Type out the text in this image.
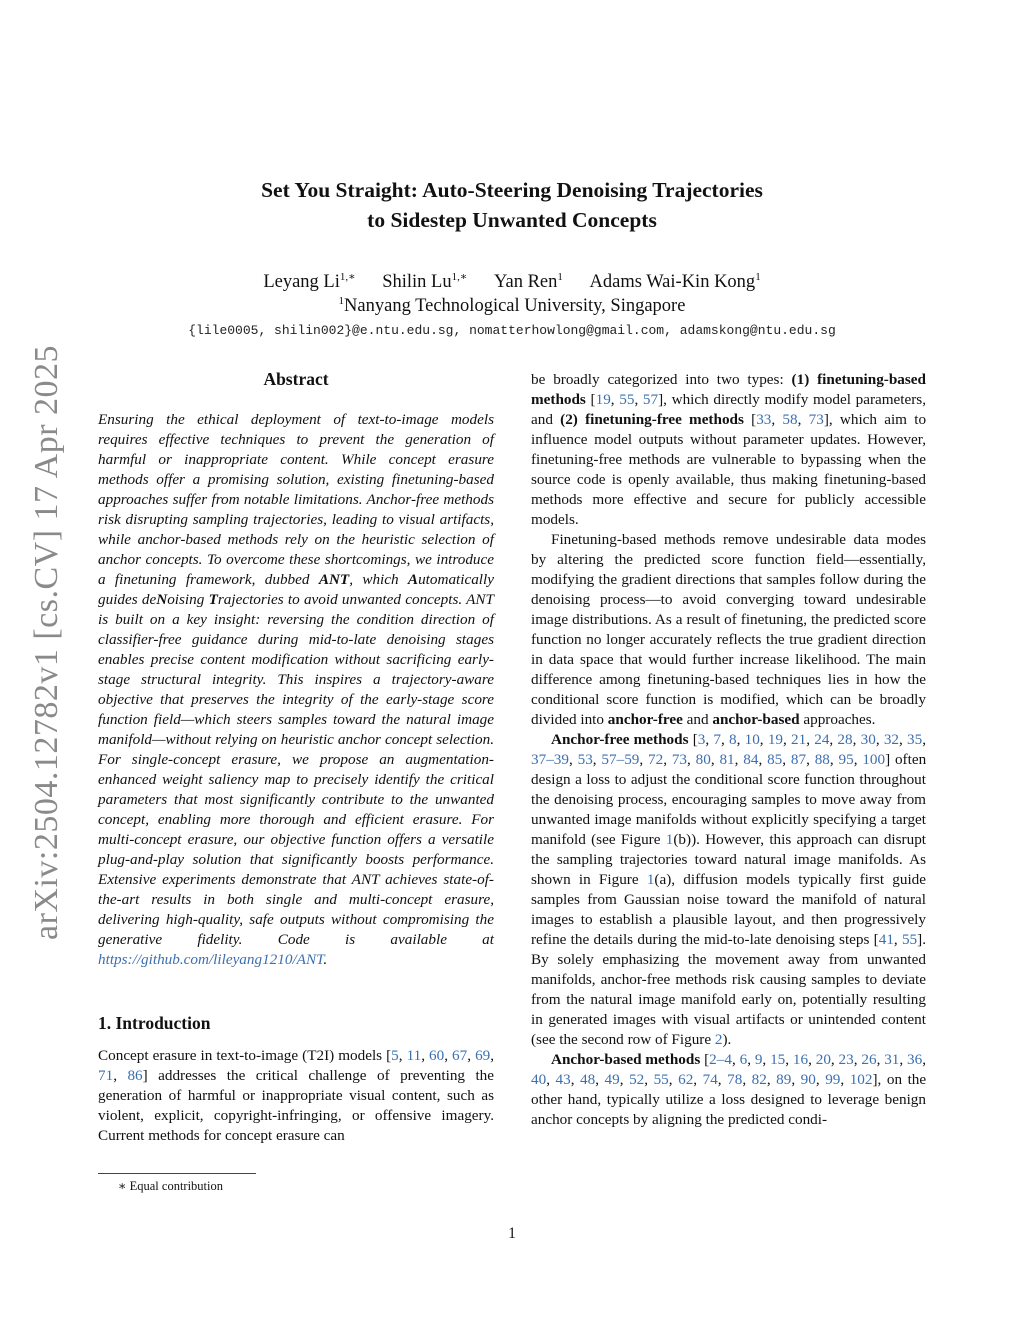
arXiv:2504.12782v1 [cs.CV] 17 Apr 2025
Set You Straight: Auto-Steering Denoising Trajectories
to Sidestep Unwanted Concepts
Leyang $Li^{1,∗}$ Shilin $Lu^{1,∗}$ Yan Ren$^1$ Adams Wai-Kin Kong$^1$
$^1$Nanyang Technological University, Singapore
{lile0005, shilin002}@e.ntu.edu.sg, nomatterhowlong@gmail.com, adamskong@ntu.edu.sg
Abstract

Ensuring the ethical deployment of text-to-image models requires effective techniques to prevent the generation of harmful or inappropriate content. While concept erasure methods offer a promising solution, existing finetuning-based approaches suffer from notable limitations. Anchor-free methods risk disrupting sampling trajectories, leading to visual artifacts, while anchor-based methods rely on the heuristic selection of anchor concepts. To overcome these shortcomings, we introduce a finetuning framework, dubbed ANT, which Automatically guides deNoising Trajectories to avoid unwanted concepts. ANT is built on a key insight: reversing the condition direction of classifier-free guidance during mid-to-late denoising stages enables precise content modification without sacrificing early-stage structural integrity. This inspires a trajectory-aware objective that preserves the integrity of the early-stage score function field—which steers samples toward the natural image manifold—without relying on heuristic anchor concept selection. For single-concept erasure, we propose an augmentation-enhanced weight saliency map to precisely identify the critical parameters that most significantly contribute to the unwanted concept, enabling more thorough and efficient erasure. For multi-concept erasure, our objective function offers a versatile plug-and-play solution that significantly boosts performance. Extensive experiments demonstrate that ANT achieves state-of-the-art results in both single and multi-concept erasure, delivering high-quality, safe outputs without compromising the generative fidelity. Code is available at https://github.com/lileyang1210/ANT.

1. Introduction

Concept erasure in text-to-image (T2I) models [5, 11, 60, 67, 69, 71, 86] addresses the critical challenge of preventing the generation of harmful or inappropriate visual content, such as violent, explicit, copyright-infringing, or offensive imagery. Current methods for concept erasure can

∗ Equal contribution

be broadly categorized into two types: (1) finetuning-based methods [19, 55, 57], which directly modify model parameters, and (2) finetuning-free methods [33, 58, 73], which aim to influence model outputs without parameter updates. However, finetuning-free methods are vulnerable to bypassing when the source code is openly available, thus making finetuning-based methods more effective and secure for publicly accessible models.

Finetuning-based methods remove undesirable data modes by altering the predicted score function field—essentially, modifying the gradient directions that samples follow during the denoising process—to avoid converging toward undesirable image distributions. As a result of finetuning, the predicted score function no longer accurately reflects the true gradient direction in data space that would further increase likelihood. The main difference among finetuning-based techniques lies in how the conditional score function is modified, which can be broadly divided into anchor-free and anchor-based approaches.

Anchor-free methods [3, 7, 8, 10, 19, 21, 24, 28, 30, 32, 35, 37–39, 53, 57–59, 72, 73, 80, 81, 84, 85, 87, 88, 95, 100] often design a loss to adjust the conditional score function throughout the denoising process, encouraging samples to move away from unwanted image manifolds without explicitly specifying a target manifold (see Figure 1(b)). However, this approach can disrupt the sampling trajectories toward natural image manifolds. As shown in Figure 1(a), diffusion models typically first guide samples from Gaussian noise toward the manifold of natural images to establish a plausible layout, and then progressively refine the details during the mid-to-late denoising steps [41, 55]. By solely emphasizing the movement away from unwanted manifolds, anchor-free methods risk causing samples to deviate from the natural image manifold early on, potentially resulting in generated images with visual artifacts or unintended content (see the second row of Figure 2).

Anchor-based methods [2–4, 6, 9, 15, 16, 20, 23, 26, 31, 36, 40, 43, 48, 49, 52, 55, 62, 74, 78, 82, 89, 90, 99, 102], on the other hand, typically utilize a loss designed to leverage benign anchor concepts by aligning the predicted condi-

1
